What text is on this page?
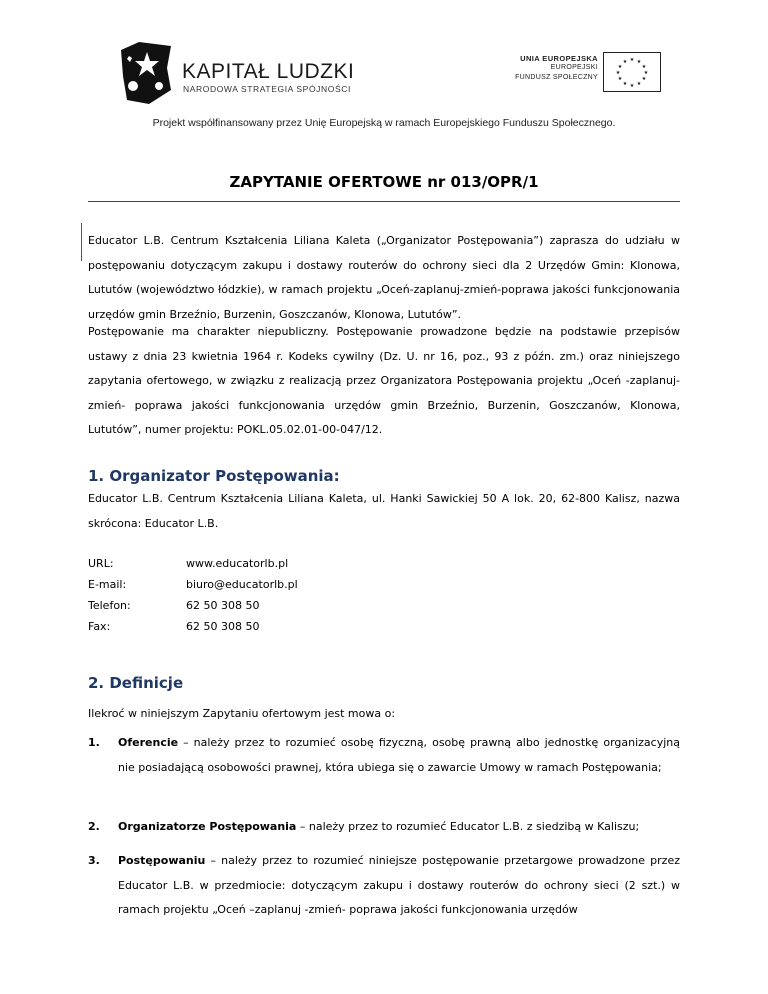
KAPITAŁ LUDZKI
NARODOWA STRATEGIA SPÓJNOŚCI
UNIA EUROPEJSKA
EUROPEJSKI
FUNDUSZ SPOŁECZNY
★ ★
★
★
★
★
★
★
★
★
★
★
Projekt współfinansowany przez Unię Europejską w ramach Europejskiego Funduszu Społecznego.
ZAPYTANIE OFERTOWE nr 013/OPR/1
Educator L.B. Centrum Kształcenia Liliana Kaleta („Organizator Postępowania”) zaprasza do udziału w postępowaniu dotyczącym zakupu i dostawy routerów do ochrony sieci dla 2 Urzędów Gmin: Klonowa, Lututów (województwo łódzkie), w ramach projektu „Oceń-zaplanuj-zmień-poprawa jakości funkcjonowania urzędów gmin Brzeźnio, Burzenin, Goszczanów, Klonowa, Lututów”.
Postępowanie ma charakter niepubliczny. Postępowanie prowadzone będzie na podstawie przepisów ustawy z dnia 23 kwietnia 1964 r. Kodeks cywilny (Dz. U. nr 16, poz., 93 z późn. zm.) oraz niniejszego zapytania ofertowego, w związku z realizacją przez Organizatora Postępowania projektu „Oceń -zaplanuj-zmień- poprawa jakości funkcjonowania urzędów gmin Brzeźnio, Burzenin, Goszczanów, Klonowa, Lututów”, numer projektu: POKL.05.02.01-00-047/12.
1. Organizator Postępowania:
Educator L.B. Centrum Kształcenia Liliana Kaleta, ul. Hanki Sawickiej 50 A lok. 20, 62-800 Kalisz, nazwa skrócona: Educator L.B.
URL:	www.educatorlb.pl
E-mail:	biuro@educatorlb.pl
Telefon:	62 50 308 50
Fax:	62 50 308 50
2. Definicje
Ilekroć w niniejszym Zapytaniu ofertowym jest mowa o:
1. Oferencie – należy przez to rozumieć osobę fizyczną, osobę prawną albo jednostkę organizacyjną nie posiadającą osobowości prawnej, która ubiega się o zawarcie Umowy w ramach Postępowania;
2. Organizatorze Postępowania – należy przez to rozumieć Educator L.B. z siedzibą w Kaliszu;
3. Postępowaniu – należy przez to rozumieć niniejsze postępowanie przetargowe prowadzone przez Educator L.B. w przedmiocie: dotyczącym zakupu i dostawy routerów do ochrony sieci (2 szt.) w ramach projektu „Oceń –zaplanuj -zmień- poprawa jakości funkcjonowania urzędów
